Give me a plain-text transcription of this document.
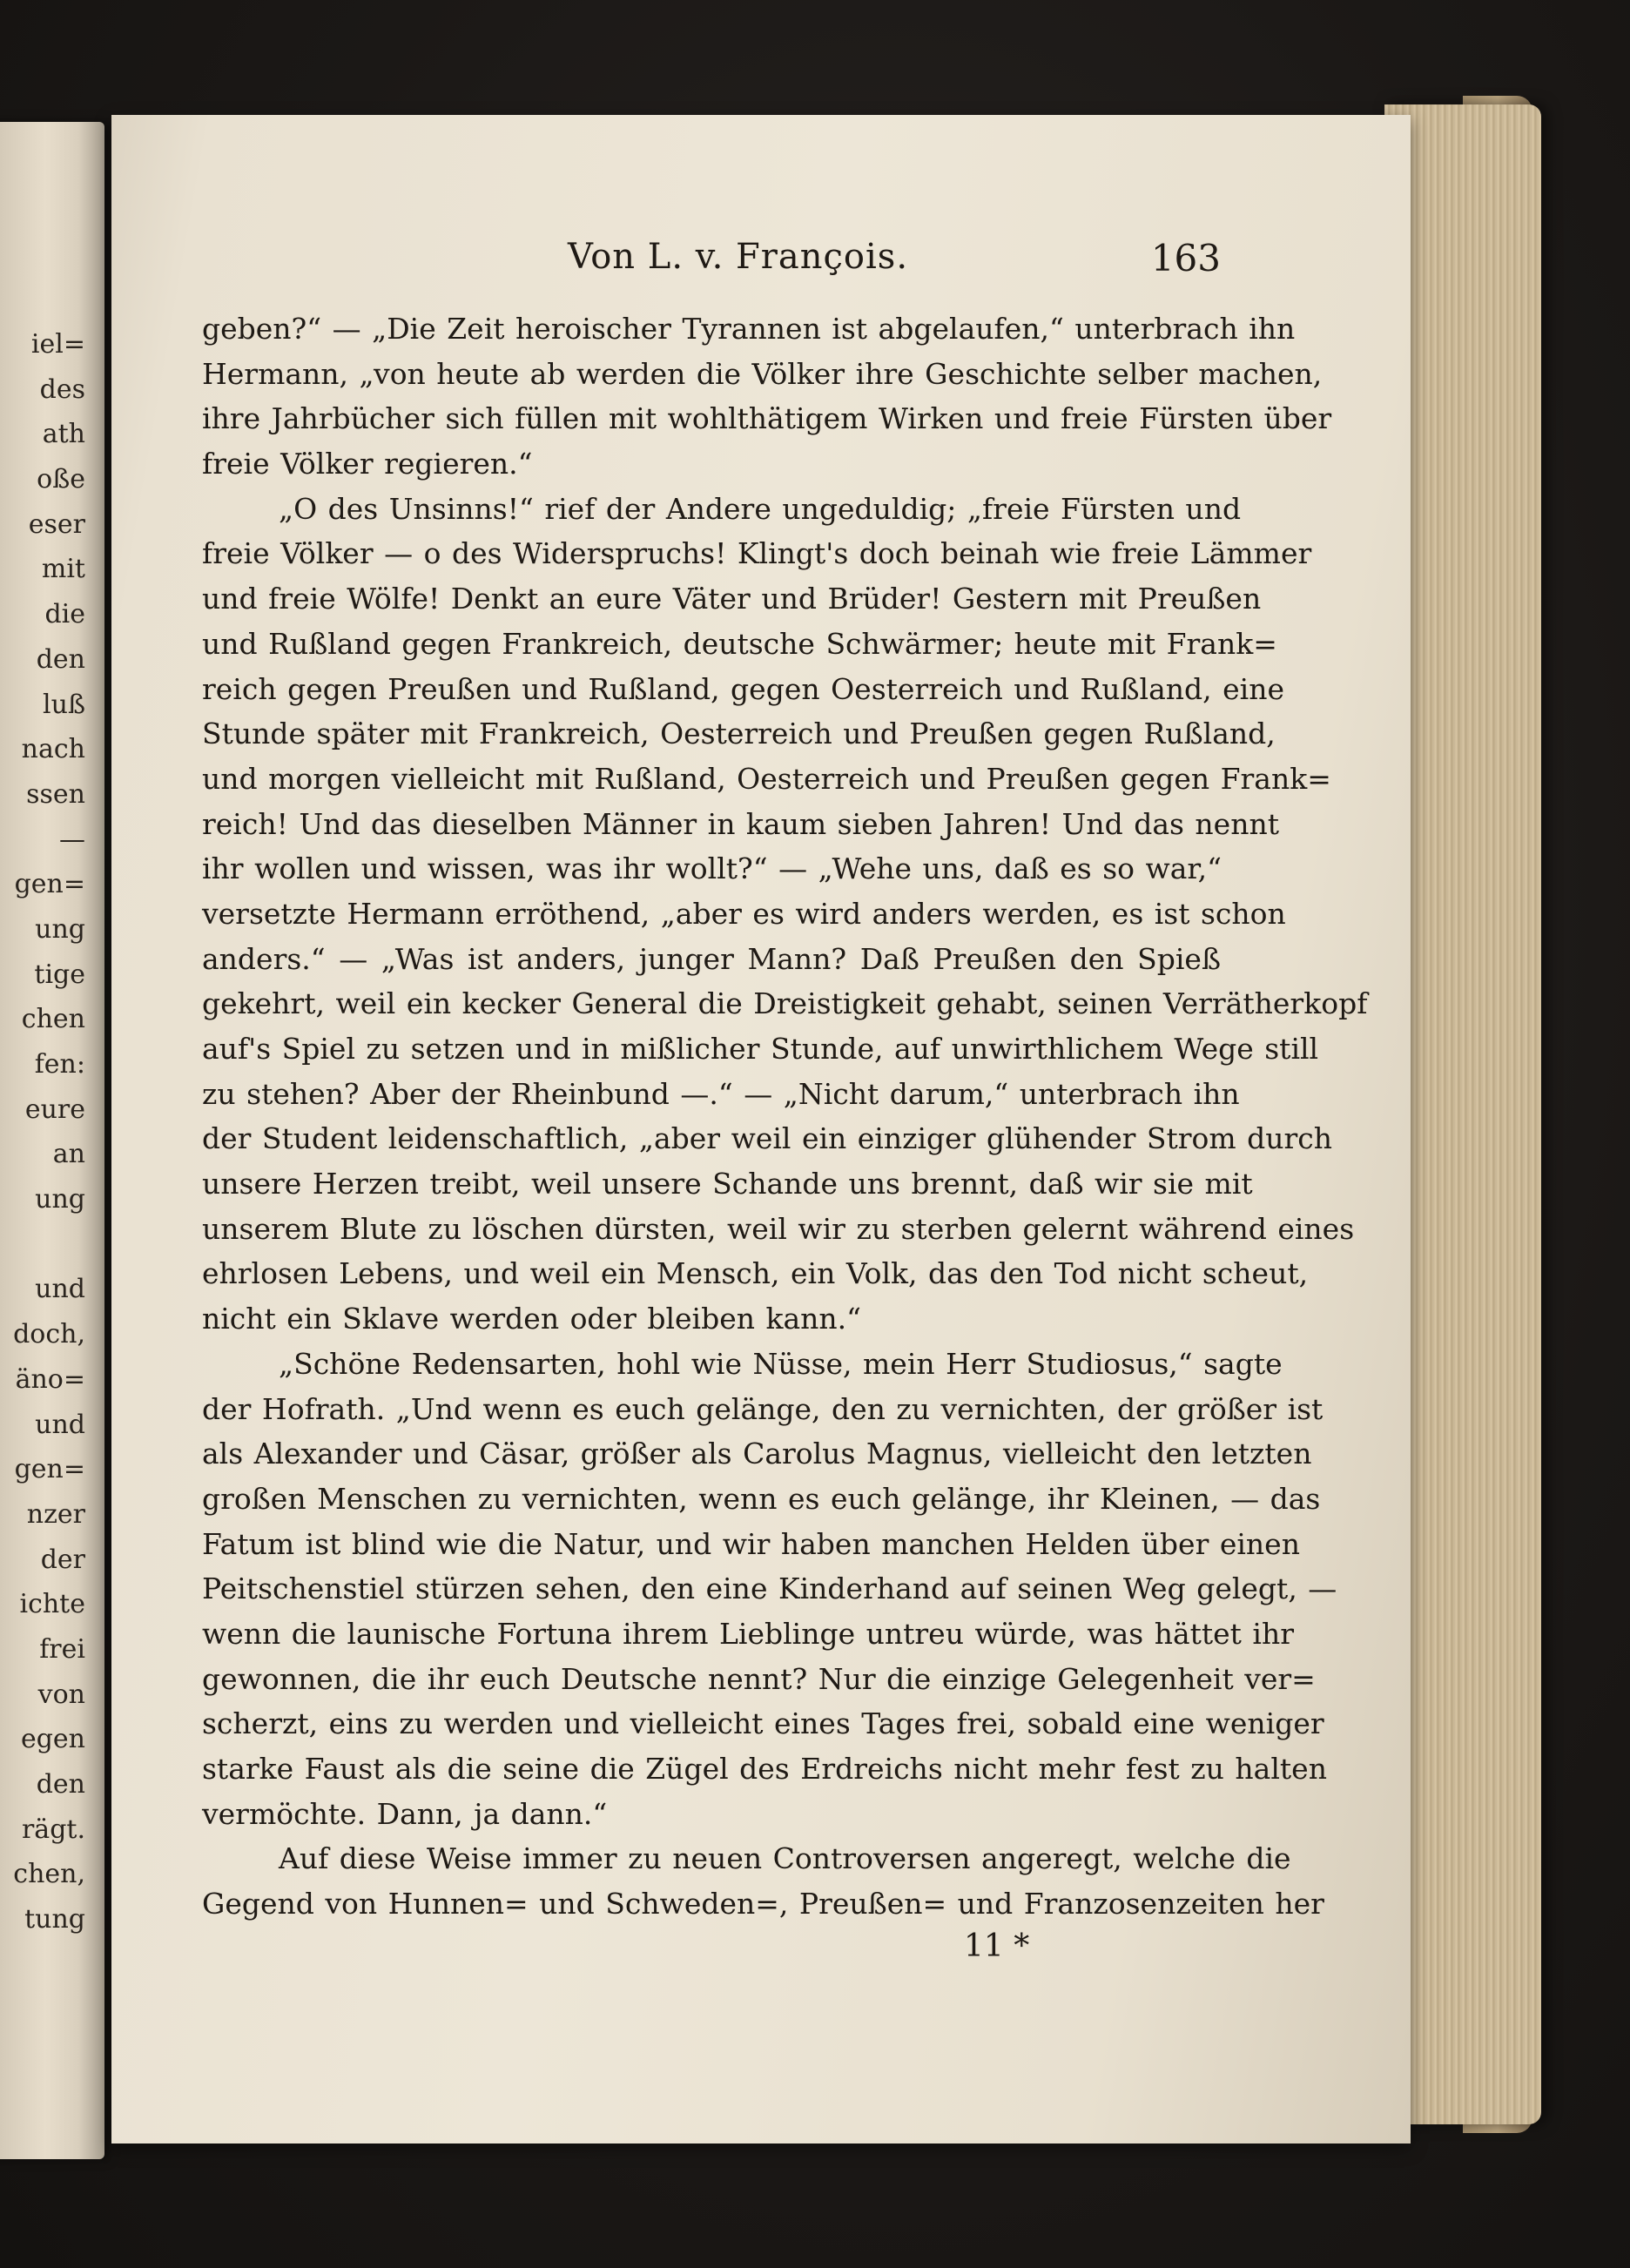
iel=
des
ath
oße
eser
mit
die
den
luß
nach
ssen
—
gen=
ung
tige
chen
fen:
eure
an
ung
und
doch,
äno=
und
gen=
nzer
der
ichte
frei
von
egen
den
rägt.
chen,
tung
Von L. v. François.	163
geben?“ — „Die Zeit heroischer Tyrannen ist abgelaufen,“ unterbrach ihn
Hermann, „von heute ab werden die Völker ihre Geschichte selber machen,
ihre Jahrbücher sich füllen mit wohlthätigem Wirken und freie Fürsten über
freie Völker regieren.“
„O des Unsinns!“ rief der Andere ungeduldig; „freie Fürsten und
freie Völker — o des Widerspruchs! Klingt's doch beinah wie freie Lämmer
und freie Wölfe! Denkt an eure Väter und Brüder! Gestern mit Preußen
und Rußland gegen Frankreich, deutsche Schwärmer; heute mit Frank=
reich gegen Preußen und Rußland, gegen Oesterreich und Rußland, eine
Stunde später mit Frankreich, Oesterreich und Preußen gegen Rußland,
und morgen vielleicht mit Rußland, Oesterreich und Preußen gegen Frank=
reich! Und das dieselben Männer in kaum sieben Jahren! Und das nennt
ihr wollen und wissen, was ihr wollt?“ — „Wehe uns, daß es so war,“
versetzte Hermann erröthend, „aber es wird anders werden, es ist schon
anders.“ — „Was ist anders, junger Mann? Daß Preußen den Spieß
gekehrt, weil ein kecker General die Dreistigkeit gehabt, seinen Verrätherkopf
auf's Spiel zu setzen und in mißlicher Stunde, auf unwirthlichem Wege still
zu stehen? Aber der Rheinbund —.“ — „Nicht darum,“ unterbrach ihn
der Student leidenschaftlich, „aber weil ein einziger glühender Strom durch
unsere Herzen treibt, weil unsere Schande uns brennt, daß wir sie mit
unserem Blute zu löschen dürsten, weil wir zu sterben gelernt während eines
ehrlosen Lebens, und weil ein Mensch, ein Volk, das den Tod nicht scheut,
nicht ein Sklave werden oder bleiben kann.“
„Schöne Redensarten, hohl wie Nüsse, mein Herr Studiosus,“ sagte
der Hofrath. „Und wenn es euch gelänge, den zu vernichten, der größer ist
als Alexander und Cäsar, größer als Carolus Magnus, vielleicht den letzten
großen Menschen zu vernichten, wenn es euch gelänge, ihr Kleinen, — das
Fatum ist blind wie die Natur, und wir haben manchen Helden über einen
Peitschenstiel stürzen sehen, den eine Kinderhand auf seinen Weg gelegt, —
wenn die launische Fortuna ihrem Lieblinge untreu würde, was hättet ihr
gewonnen, die ihr euch Deutsche nennt? Nur die einzige Gelegenheit ver=
scherzt, eins zu werden und vielleicht eines Tages frei, sobald eine weniger
starke Faust als die seine die Zügel des Erdreichs nicht mehr fest zu halten
vermöchte. Dann, ja dann.“
Auf diese Weise immer zu neuen Controversen angeregt, welche die
Gegend von Hunnen= und Schweden=, Preußen= und Franzosenzeiten her
11 *
